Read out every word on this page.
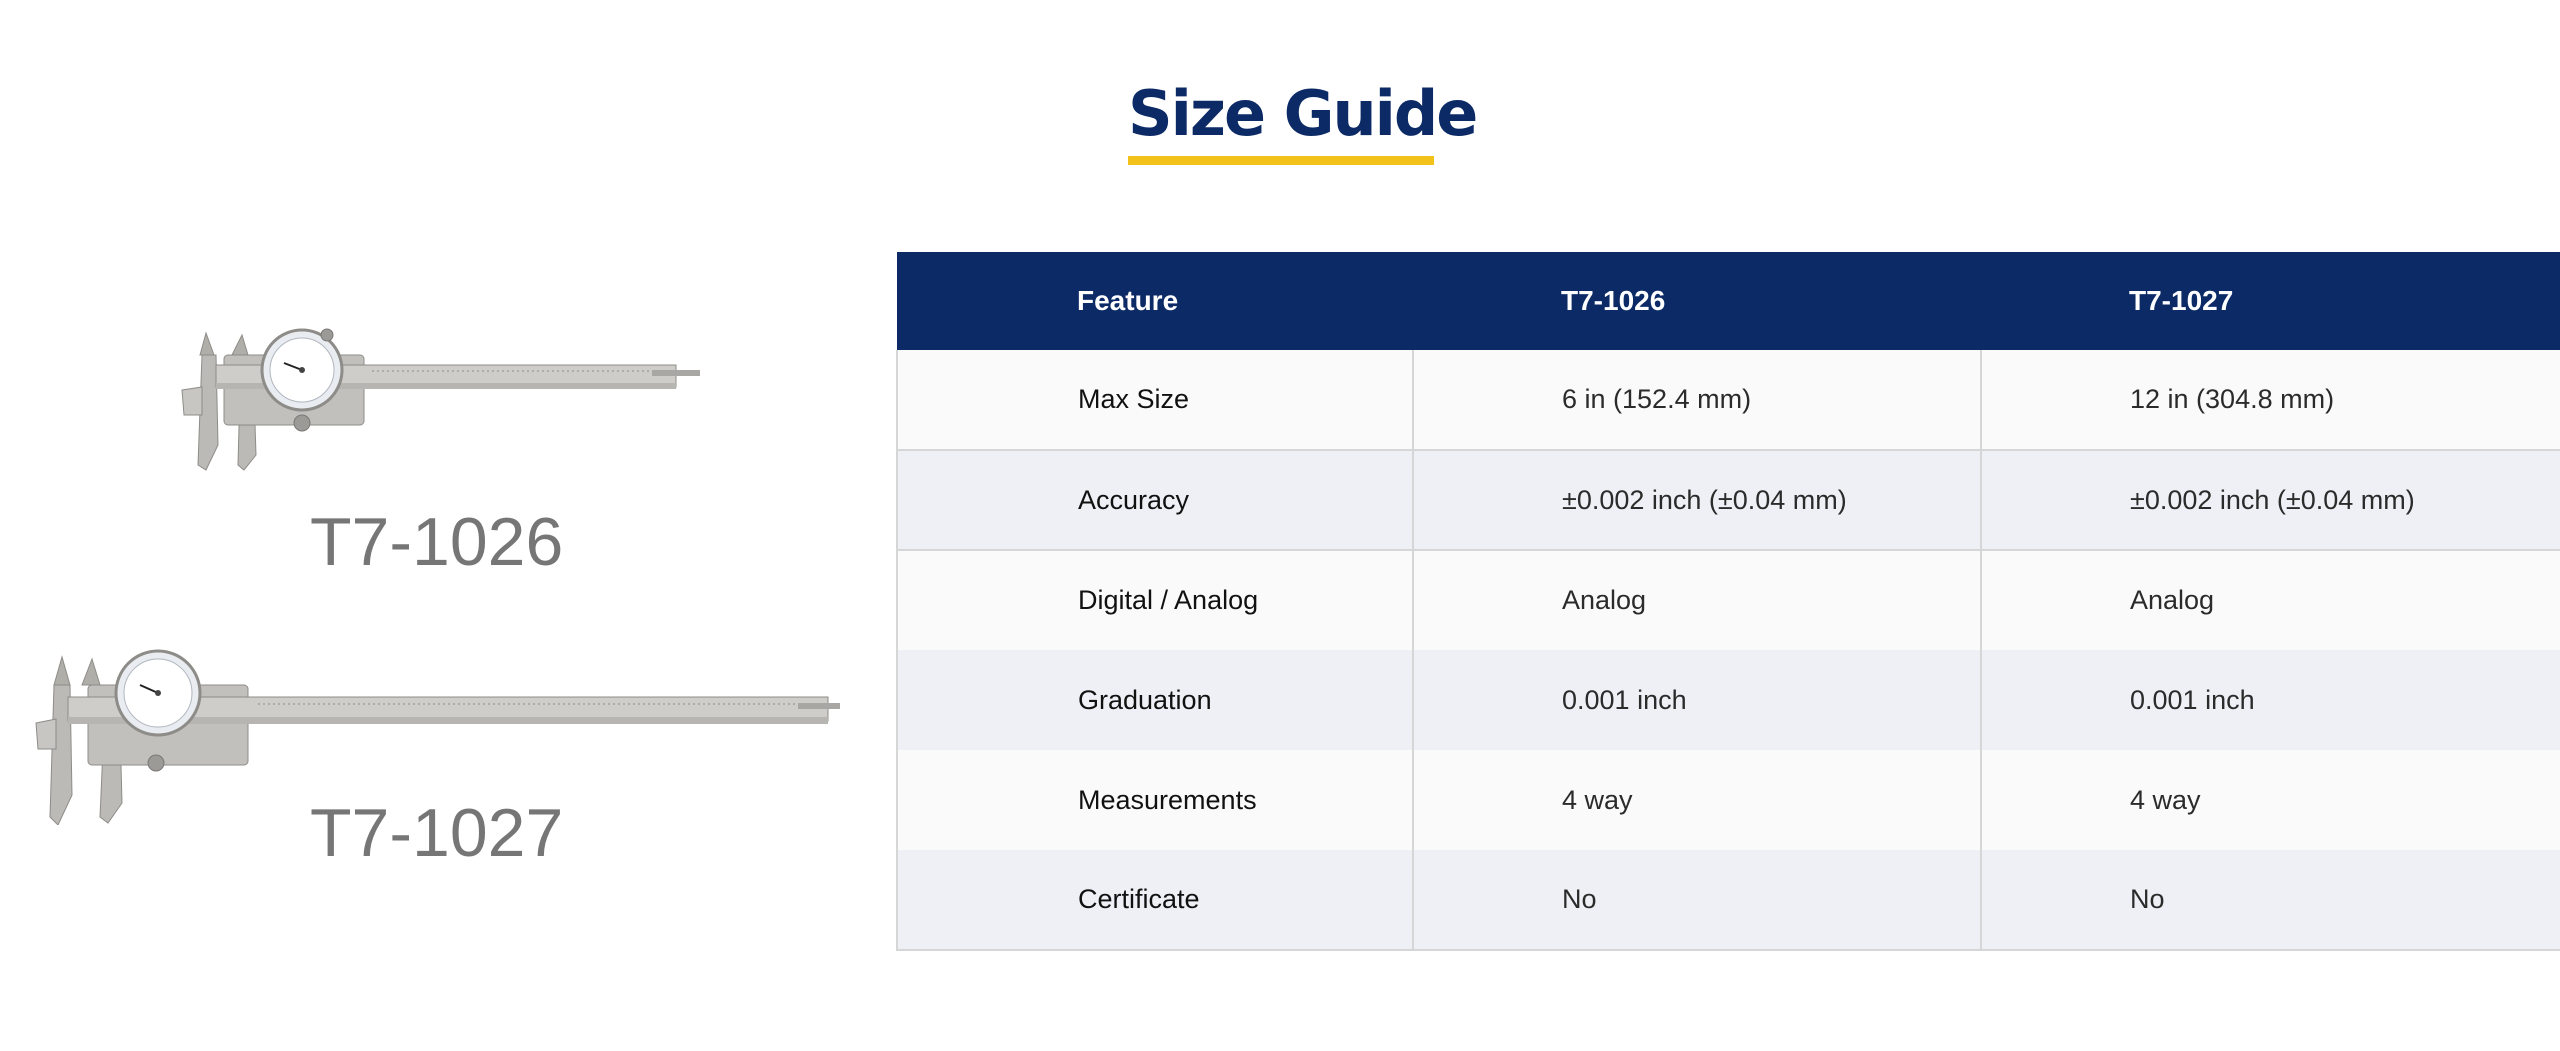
Size Guide
T7-1026
T7-1027
Feature	T7-1026	T7-1027
Max Size	6 in (152.4 mm)	12 in (304.8 mm)
Accuracy	±0.002 inch (±0.04 mm)	±0.002 inch (±0.04 mm)
Digital / Analog	Analog	Analog
Graduation	0.001 inch	0.001 inch
Measurements	4 way	4 way
Certificate	No	No
